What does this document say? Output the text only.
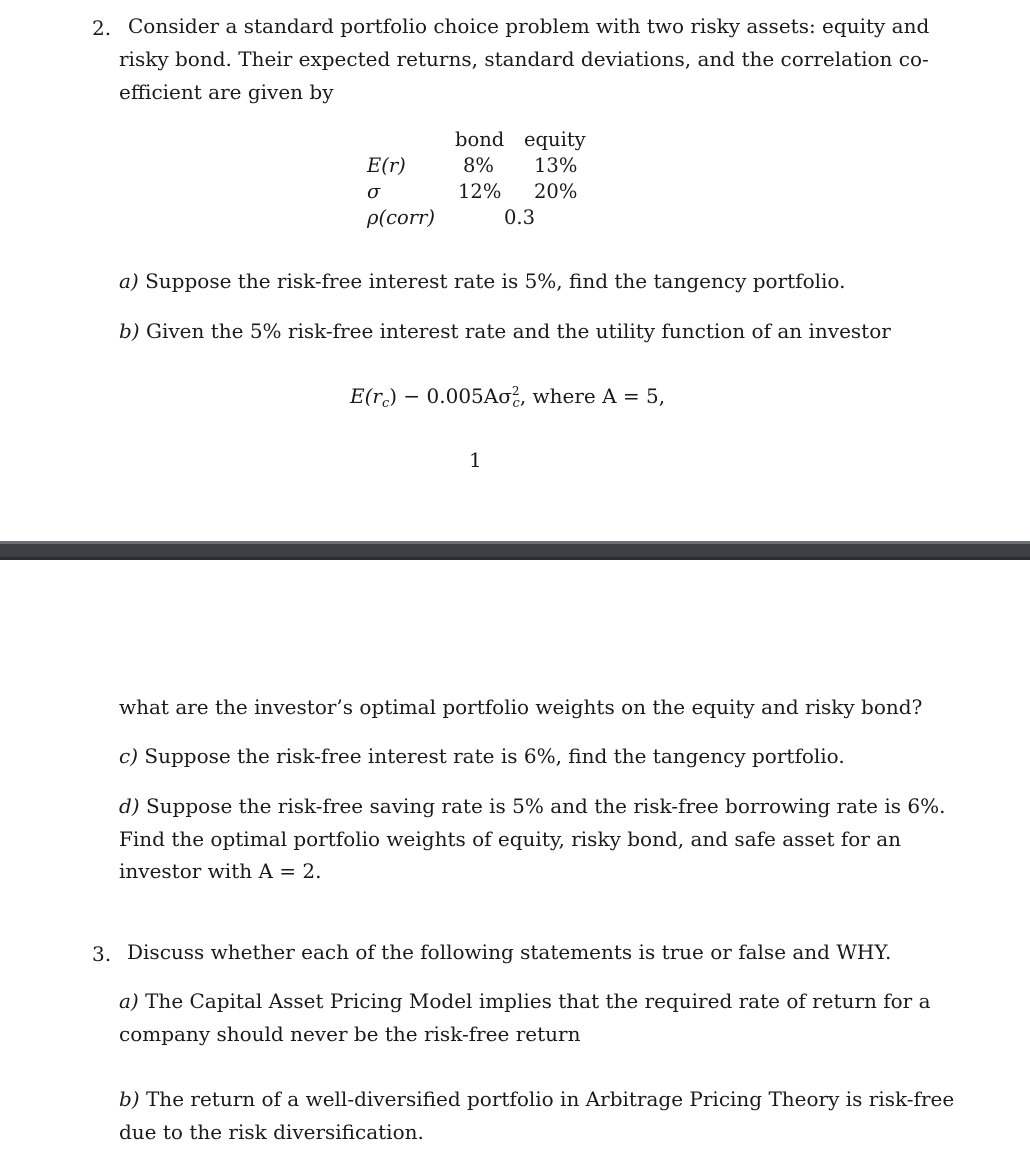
2. Consider a standard portfolio choice problem with two risky assets: equity and
risky bond. Their expected returns, standard deviations, and the correlation co-
efficient are given by
bond equity
E(r)	8% 13%
σ	12% 20%
ρ(corr)	0.3
a) Suppose the risk-free interest rate is 5%, find the tangency portfolio.
b) Given the 5% risk-free interest rate and the utility function of an investor
$E(r_c) - 0.005A\sigma^2_c$, where A = 5,
1
what are the investor’s optimal portfolio weights on the equity and risky bond?
c) Suppose the risk-free interest rate is 6%, find the tangency portfolio.
d) Suppose the risk-free saving rate is 5% and the risk-free borrowing rate is 6%.
Find the optimal portfolio weights of equity, risky bond, and safe asset for an
investor with A = 2.
3. Discuss whether each of the following statements is true or false and WHY.
a) The Capital Asset Pricing Model implies that the required rate of return for a
company should never be the risk-free return
b) The return of a well-diversified portfolio in Arbitrage Pricing Theory is risk-free
due to the risk diversification.
